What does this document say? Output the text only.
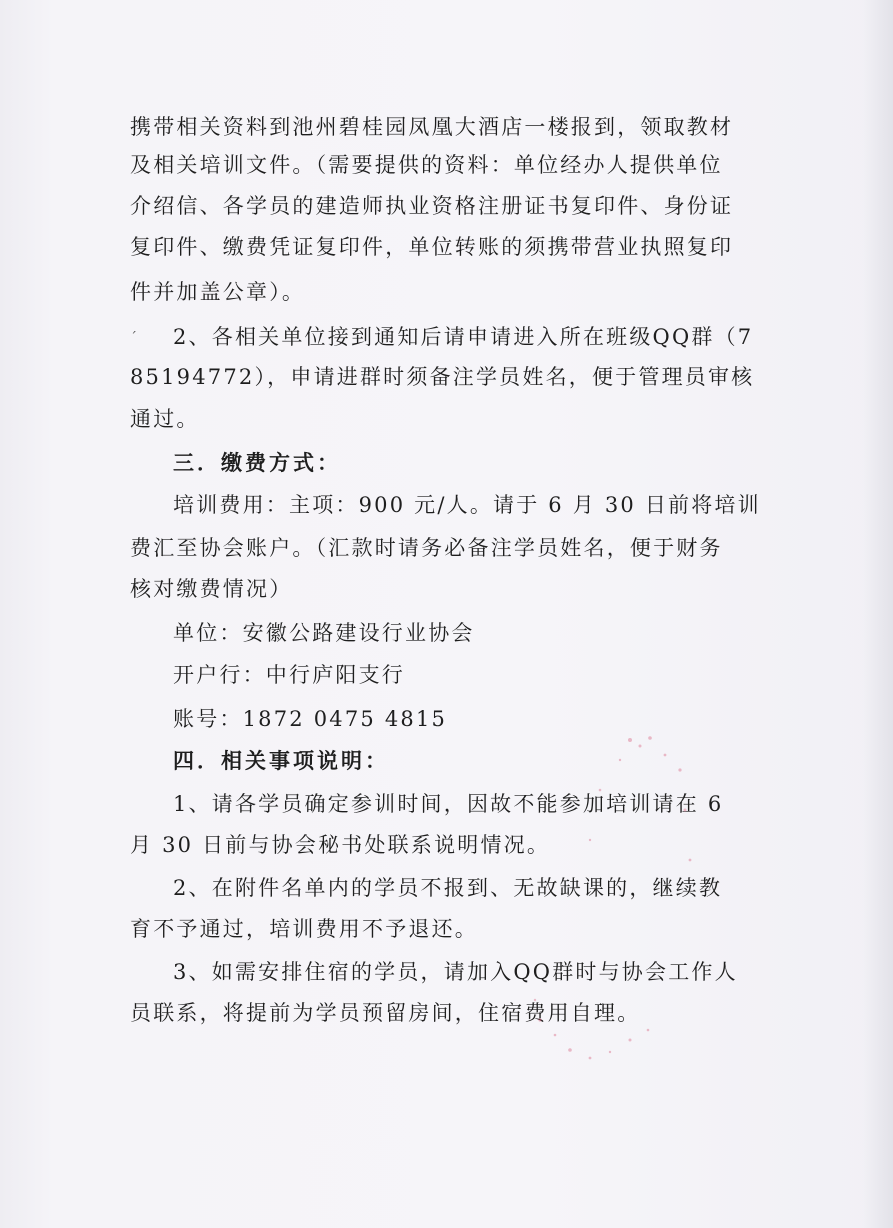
ˊ
携带相关资料到池州碧桂园凤凰大酒店一楼报到，领取教材
及相关培训文件。（需要提供的资料：单位经办人提供单位
介绍信、各学员的建造师执业资格注册证书复印件、身份证
复印件、缴费凭证复印件，单位转账的须携带营业执照复印
件并加盖公章）。
2、各相关单位接到通知后请申请进入所在班级QQ群（7
85194772），申请进群时须备注学员姓名，便于管理员审核
通过。
三．缴费方式：
培训费用：主项：900 元/人。请于 6 月 30 日前将培训
费汇至协会账户。（汇款时请务必备注学员姓名，便于财务
核对缴费情况）
单位：安徽公路建设行业协会
开户行：中行庐阳支行
账号：1872 0475 4815
四．相关事项说明：
1、请各学员确定参训时间，因故不能参加培训请在 6
月 30 日前与协会秘书处联系说明情况。
2、在附件名单内的学员不报到、无故缺课的，继续教
育不予通过，培训费用不予退还。
3、如需安排住宿的学员，请加入QQ群时与协会工作人
员联系，将提前为学员预留房间，住宿费用自理。
